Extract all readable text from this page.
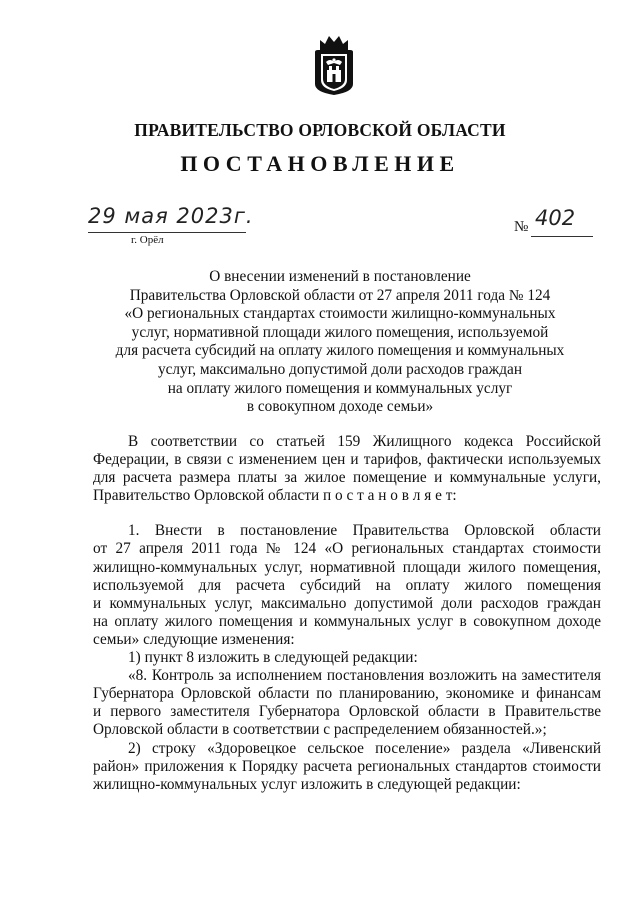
ПРАВИТЕЛЬСТВО ОРЛОВСКОЙ ОБЛАСТИ
ПОСТАНОВЛЕНИЕ
29 мая 2023г.
г. Орёл
№ 402
О внесении изменений в постановление
Правительства Орловской области от 27 апреля 2011 года № 124
«О региональных стандартах стоимости жилищно-коммунальных
услуг, нормативной площади жилого помещения, используемой
для расчета субсидий на оплату жилого помещения и коммунальных
услуг, максимально допустимой доли расходов граждан
на оплату жилого помещения и коммунальных услуг
в совокупном доходе семьи»
В соответствии со статьей 159 Жилищного кодекса Российской
Федерации, в связи с изменением цен и тарифов, фактически используемых
для расчета размера платы за жилое помещение и коммунальные услуги,
Правительство Орловской области п о с т а н о в л я е т:
1. Внести в постановление Правительства Орловской области
от 27 апреля 2011 года № 124 «О региональных стандартах стоимости
жилищно-коммунальных услуг, нормативной площади жилого помещения,
используемой для расчета субсидий на оплату жилого помещения
и коммунальных услуг, максимально допустимой доли расходов граждан
на оплату жилого помещения и коммунальных услуг в совокупном доходе
семьи» следующие изменения:
1) пункт 8 изложить в следующей редакции:
«8. Контроль за исполнением постановления возложить на заместителя
Губернатора Орловской области по планированию, экономике и финансам
и первого заместителя Губернатора Орловской области в Правительстве
Орловской области в соответствии с распределением обязанностей.»;
2) строку «Здоровецкое сельское поселение» раздела «Ливенский
район» приложения к Порядку расчета региональных стандартов стоимости
жилищно-коммунальных услуг изложить в следующей редакции:
